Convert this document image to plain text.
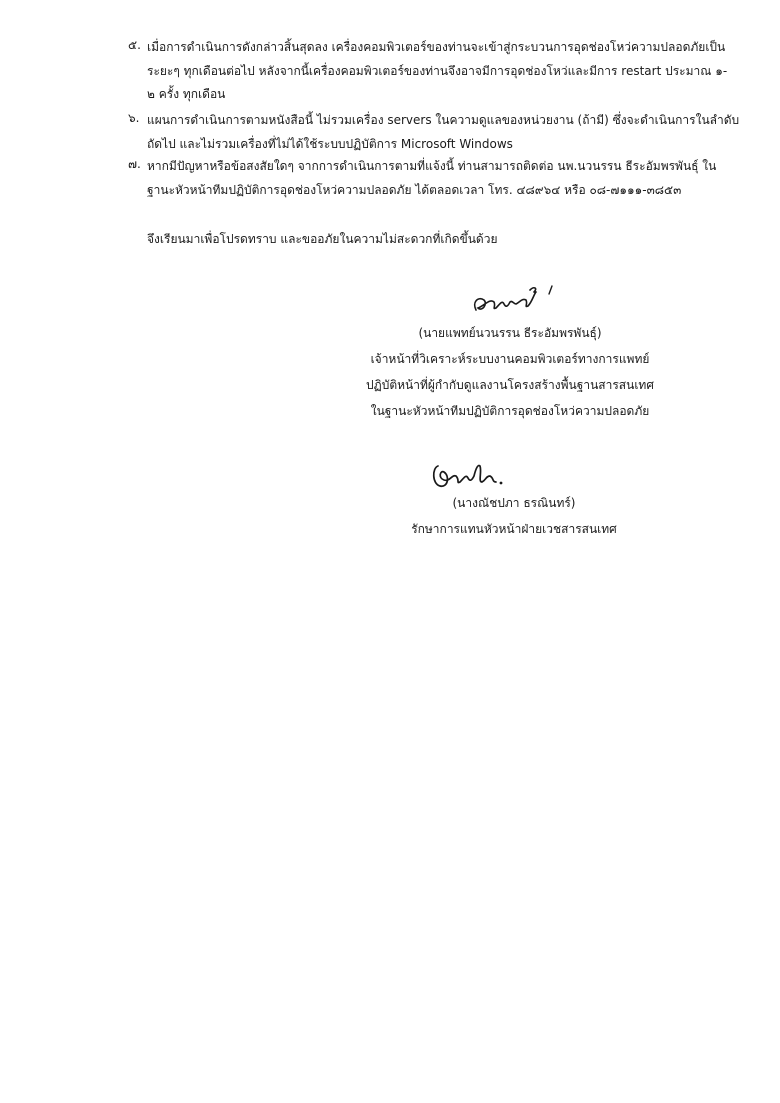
๕. เมื่อการดำเนินการดังกล่าวสิ้นสุดลง เครื่องคอมพิวเตอร์ของท่านจะเข้าสู่กระบวนการอุดช่องโหว่ความปลอดภัยเป็น
ระยะๆ ทุกเดือนต่อไป หลังจากนี้เครื่องคอมพิวเตอร์ของท่านจึงอาจมีการอุดช่องโหว่และมีการ restart ประมาณ ๑-
๒ ครั้ง ทุกเดือน
๖. แผนการดำเนินการตามหนังสือนี้ ไม่รวมเครื่อง servers ในความดูแลของหน่วยงาน (ถ้ามี) ซึ่งจะดำเนินการในลำดับ
ถัดไป และไม่รวมเครื่องที่ไม่ได้ใช้ระบบปฏิบัติการ Microsoft Windows
๗. หากมีปัญหาหรือข้อสงสัยใดๆ จากการดำเนินการตามที่แจ้งนี้ ท่านสามารถติดต่อ นพ.นวนรรน ธีระอัมพรพันธุ์ ใน
ฐานะหัวหน้าทีมปฏิบัติการอุดช่องโหว่ความปลอดภัย ได้ตลอดเวลา โทร. ๔๘๙๖๔ หรือ ๐๘-๗๑๑๑-๓๘๕๓
จึงเรียนมาเพื่อโปรดทราบ และขออภัยในความไม่สะดวกที่เกิดขึ้นด้วย
(นายแพทย์นวนรรน ธีระอัมพรพันธุ์)
เจ้าหน้าที่วิเคราะห์ระบบงานคอมพิวเตอร์ทางการแพทย์
ปฏิบัติหน้าที่ผู้กำกับดูแลงานโครงสร้างพื้นฐานสารสนเทศ
ในฐานะหัวหน้าทีมปฏิบัติการอุดช่องโหว่ความปลอดภัย
(นางณัชปภา ธรณินทร์)
รักษาการแทนหัวหน้าฝ่ายเวชสารสนเทศ
